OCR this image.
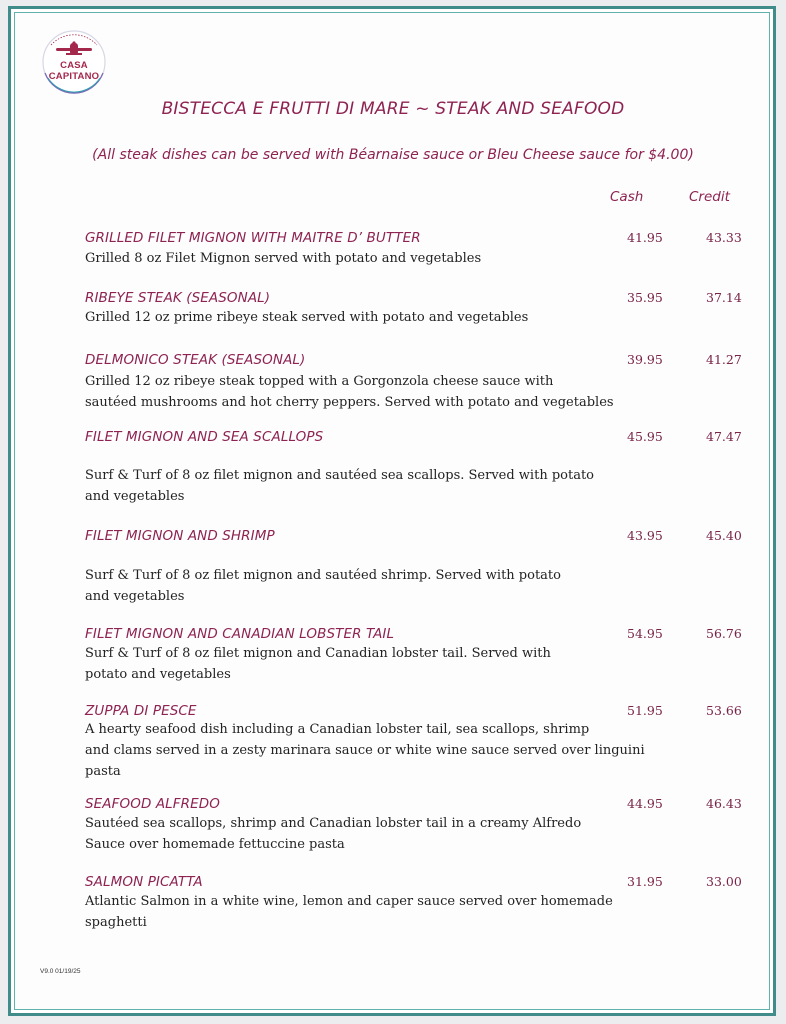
CASA CAPITANO
BISTECCA E FRUTTI DI MARE ~ STEAK AND SEAFOOD
(All steak dishes can be served with Béarnaise sauce or Bleu Cheese sauce for $4.00)
Cash	Credit
GRILLED FILET MIGNON WITH MAITRE D’ BUTTER	41.95	43.33
Grilled 8 oz Filet Mignon served with potato and vegetables
RIBEYE STEAK (SEASONAL)	35.95	37.14
Grilled 12 oz prime ribeye steak served with potato and vegetables
DELMONICO STEAK (SEASONAL)	39.95	41.27
Grilled 12 oz ribeye steak topped with a Gorgonzola cheese sauce with
sautéed mushrooms and hot cherry peppers. Served with potato and vegetables
FILET MIGNON AND SEA SCALLOPS	45.95	47.47
Surf & Turf of 8 oz filet mignon and sautéed sea scallops. Served with potato
and vegetables
FILET MIGNON AND SHRIMP	43.95	45.40
Surf & Turf of 8 oz filet mignon and sautéed shrimp. Served with potato
and vegetables
FILET MIGNON AND CANADIAN LOBSTER TAIL	54.95	56.76
Surf & Turf of 8 oz filet mignon and Canadian lobster tail. Served with
potato and vegetables
ZUPPA DI PESCE	51.95	53.66
A hearty seafood dish including a Canadian lobster tail, sea scallops, shrimp
and clams served in a zesty marinara sauce or white wine sauce served over linguini
pasta
SEAFOOD ALFREDO	44.95	46.43
Sautéed sea scallops, shrimp and Canadian lobster tail in a creamy Alfredo
Sauce over homemade fettuccine pasta
SALMON PICATTA	31.95	33.00
Atlantic Salmon in a white wine, lemon and caper sauce served over homemade
spaghetti
V9.0 01/19/25
